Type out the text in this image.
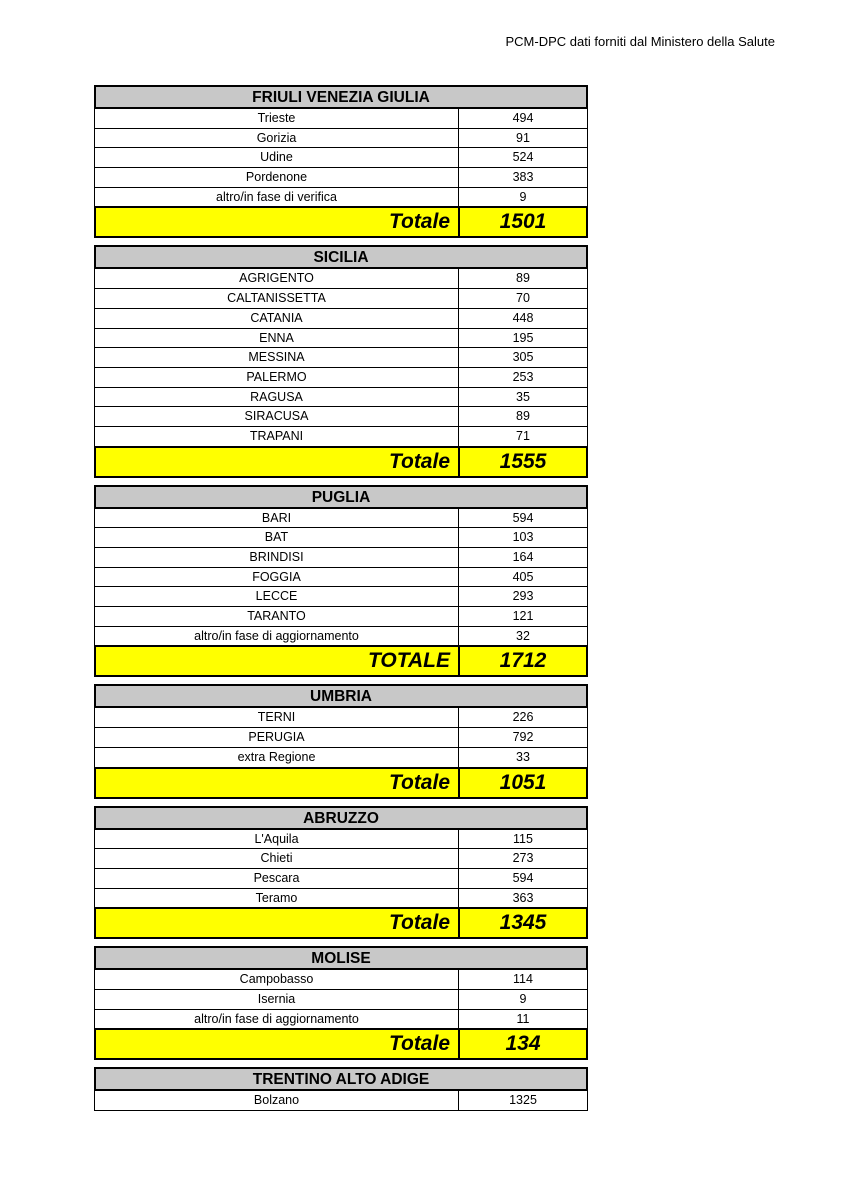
PCM-DPC dati forniti dal Ministero della Salute
FRIULI VENEZIA GIULIA
Trieste	494
Gorizia	91
Udine	524
Pordenone	383
altro/in fase di verifica	9
Totale	1501
SICILIA
AGRIGENTO	89
CALTANISSETTA	70
CATANIA	448
ENNA	195
MESSINA	305
PALERMO	253
RAGUSA	35
SIRACUSA	89
TRAPANI	71
Totale	1555
PUGLIA
BARI	594
BAT	103
BRINDISI	164
FOGGIA	405
LECCE	293
TARANTO	121
altro/in fase di aggiornamento	32
TOTALE	1712
UMBRIA
TERNI	226
PERUGIA	792
extra Regione	33
Totale	1051
ABRUZZO
L'Aquila	115
Chieti	273
Pescara	594
Teramo	363
Totale	1345
MOLISE
Campobasso	114
Isernia	9
altro/in fase di aggiornamento	11
Totale	134
TRENTINO ALTO ADIGE
Bolzano	1325
